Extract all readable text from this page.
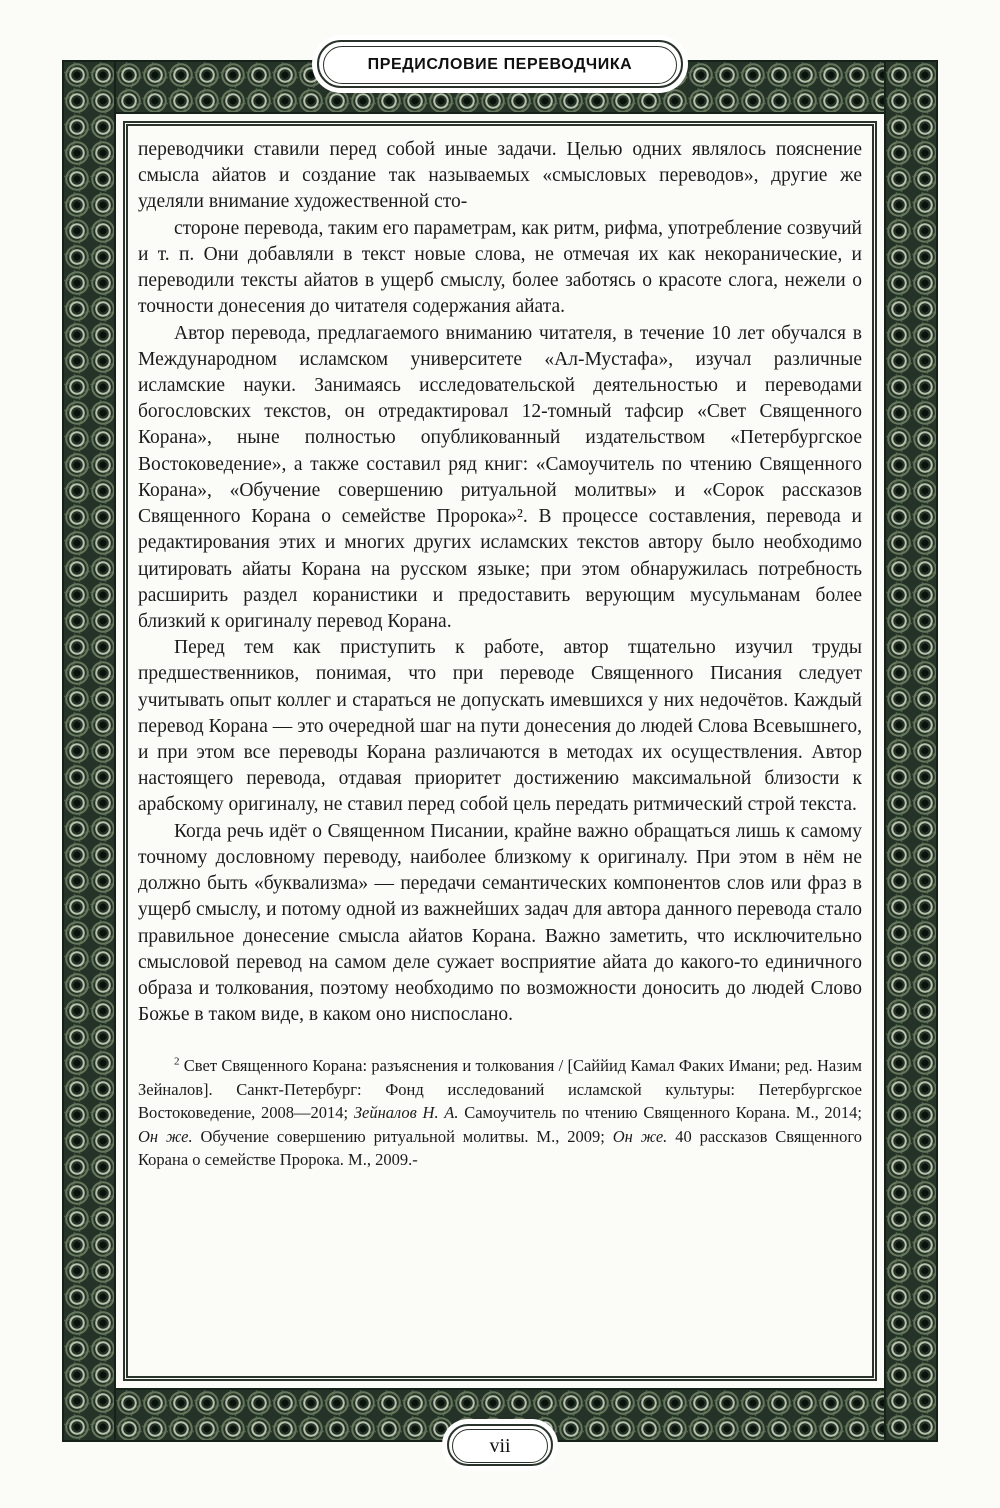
ПРЕДИСЛОВИЕ ПЕРЕВОДЧИКА

переводчики ставили перед собой иные задачи. Целью одних являлось пояснение смысла айатов и создание так называемых «смысловых переводов», другие же уделяли внимание художественной сто-

стороне перевода, таким его параметрам, как ритм, рифма, употребление созвучий и т. п. Они добавляли в текст новые слова, не отмечая их как некоранические, и переводили тексты айатов в ущерб смыслу, более заботясь о красоте слога, нежели о точности донесения до читателя содержания айата.

Автор перевода, предлагаемого вниманию читателя, в течение 10 лет обучался в Международном исламском университете «Ал-Мустафа», изучал различные исламские науки. Занимаясь исследовательской деятельностью и переводами богословских текстов, он отредактировал 12-томный тафсир «Свет Священного Корана», ныне полностью опубликованный издательством «Петербургское Востоковедение», а также составил ряд книг: «Самоучитель по чтению Священного Корана», «Обучение совершению ритуальной молитвы» и «Сорок рассказов Священного Корана о семействе Пророка»². В процессе составления, перевода и редактирования этих и многих других исламских текстов автору было необходимо цитировать айаты Корана на русском языке; при этом обнаружилась потребность расширить раздел коранистики и предоставить верующим мусульманам более близкий к оригиналу перевод Корана.

Перед тем как приступить к работе, автор тщательно изучил труды предшественников, понимая, что при переводе Священного Писания следует учитывать опыт коллег и стараться не допускать имевшихся у них недочётов. Каждый перевод Корана — это очередной шаг на пути донесения до людей Слова Всевышнего, и при этом все переводы Корана различаются в методах их осуществления. Автор настоящего перевода, отдавая приоритет достижению максимальной близости к арабскому оригиналу, не ставил перед собой цель передать ритмический строй текста.

Когда речь идёт о Священном Писании, крайне важно обращаться лишь к самому точному дословному переводу, наиболее близкому к оригиналу. При этом в нём не должно быть «буквализма» — передачи семантических компонентов слов или фраз в ущерб смыслу, и потому одной из важнейших задач для автора данного перевода стало правильное донесение смысла айатов Корана. Важно заметить, что исключительно смысловой перевод на самом деле сужает восприятие айата до какого-то единичного образа и толкования, поэтому необходимо по возможности доносить до людей Слово Божье в таком виде, в каком оно ниспослано.

$^2$ Свет Священного Корана: разъяснения и толкования / [Саййид Камал Факих Имани; ред. Назим Зейналов]. Санкт-Петербург: Фонд исследований исламской культуры: Петербургское Востоковедение, 2008—2014; Зейналов Н. А. Самоучитель по чтению Священного Корана. М., 2014; Он же. Обучение совершению ритуальной молитвы. М., 2009; Он же. 40 рассказов Священного Корана о семействе Пророка. М., 2009.-

vii
